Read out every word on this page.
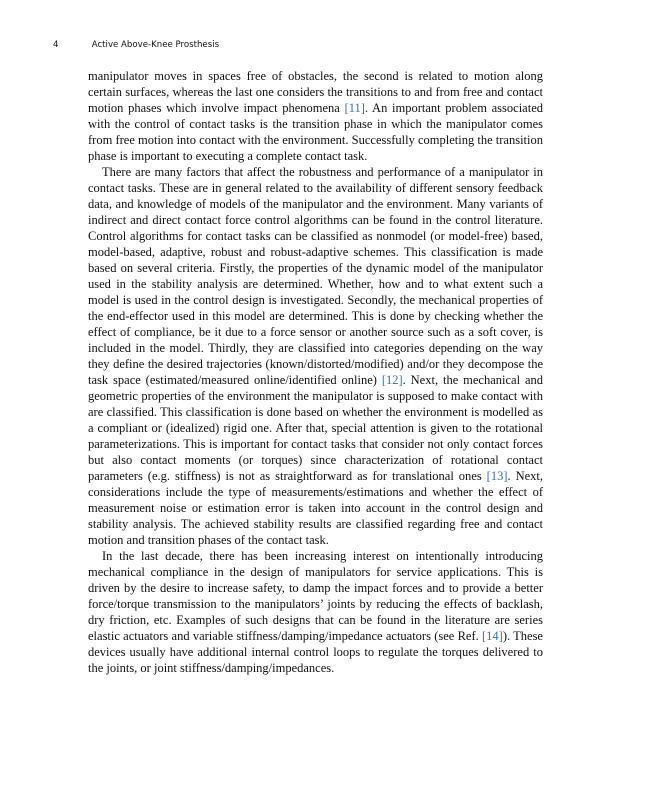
4	Active Above-Knee Prosthesis

manipulator moves in spaces free of obstacles, the second is related to motion along certain surfaces, whereas the last one considers the transitions to and from free and contact motion phases which involve impact phenomena [11]. An important problem associated with the control of contact tasks is the transition phase in which the manipulator comes from free motion into contact with the environment. Successfully completing the transition phase is important to executing a complete contact task.

There are many factors that affect the robustness and performance of a manipulator in contact tasks. These are in general related to the availability of different sensory feedback data, and knowledge of models of the manipulator and the environment. Many variants of indirect and direct contact force control algorithms can be found in the control literature. Control algorithms for contact tasks can be classified as nonmodel (or model-free) based, model-based, adaptive, robust and robust-adaptive schemes. This classification is made based on several criteria. Firstly, the properties of the dynamic model of the manipulator used in the stability analysis are determined. Whether, how and to what extent such a model is used in the control design is investigated. Secondly, the mechanical properties of the end-effector used in this model are determined. This is done by checking whether the effect of compliance, be it due to a force sensor or another source such as a soft cover, is included in the model. Thirdly, they are classified into categories depending on the way they define the desired trajectories (known/distorted/modified) and/or they decompose the task space (estimated/measured online/identified online) [12]. Next, the mechanical and geometric properties of the environment the manipulator is supposed to make contact with are classified. This classification is done based on whether the environment is modelled as a compliant or (idealized) rigid one. After that, special attention is given to the rotational parameterizations. This is important for contact tasks that consider not only contact forces but also contact moments (or torques) since characterization of rotational contact parameters (e.g. stiffness) is not as straightforward as for translational ones [13]. Next, considerations include the type of measurements/estimations and whether the effect of measurement noise or estimation error is taken into account in the control design and stability analysis. The achieved stability results are classified regarding free and contact motion and transition phases of the contact task.

In the last decade, there has been increasing interest on intentionally introducing mechanical compliance in the design of manipulators for service applications. This is driven by the desire to increase safety, to damp the impact forces and to provide a better force/torque transmission to the manipulators’ joints by reducing the effects of backlash, dry friction, etc. Examples of such designs that can be found in the literature are series elastic actuators and variable stiffness/damping/impedance actuators (see Ref. [14]). These devices usually have additional internal control loops to regulate the torques delivered to the joints, or joint stiffness/damping/impedances.
